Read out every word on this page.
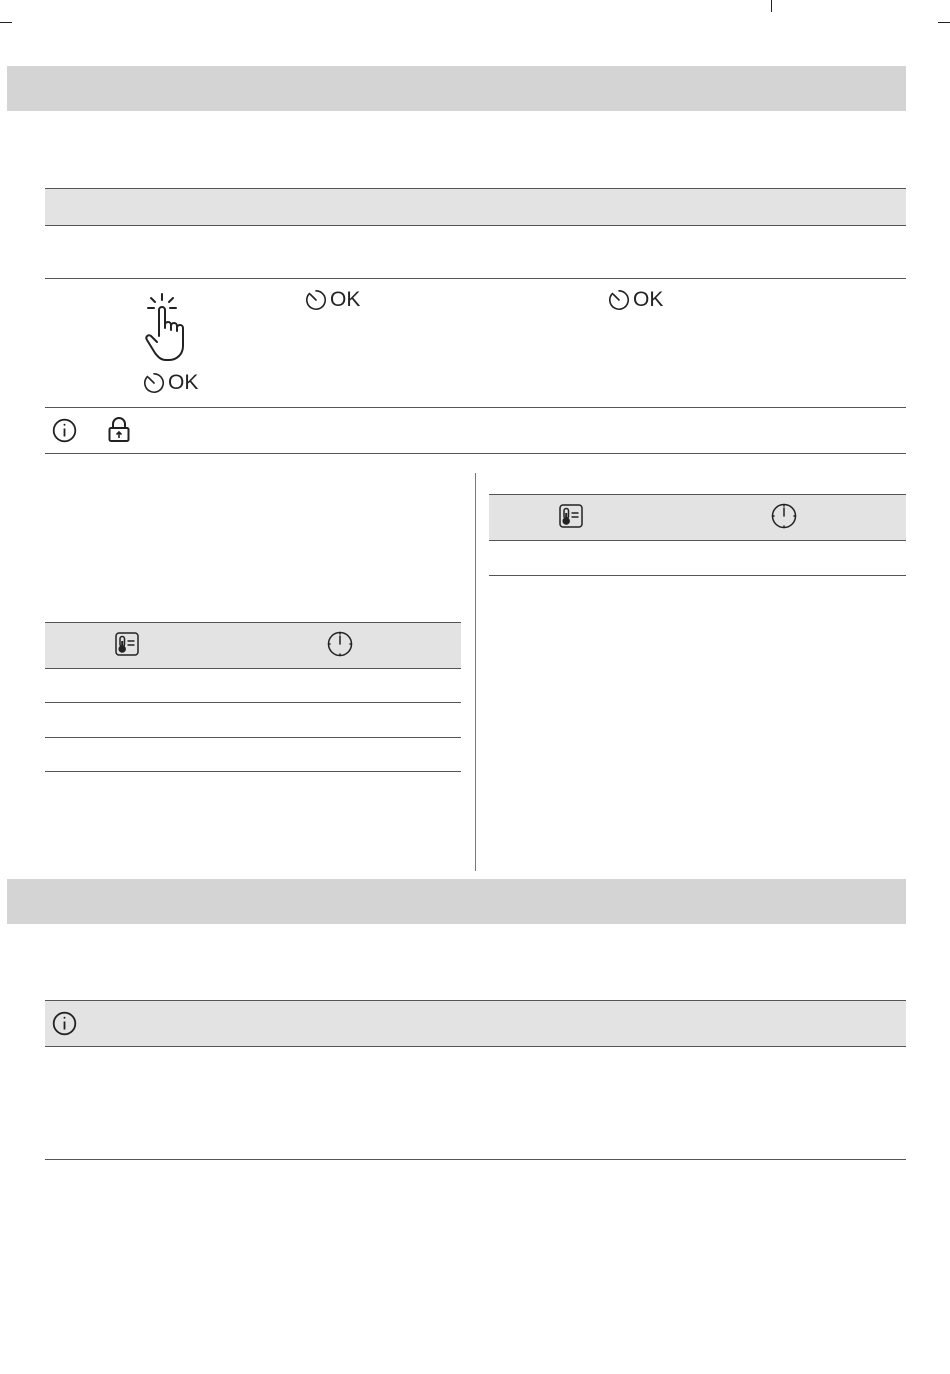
OK
OK	OK
